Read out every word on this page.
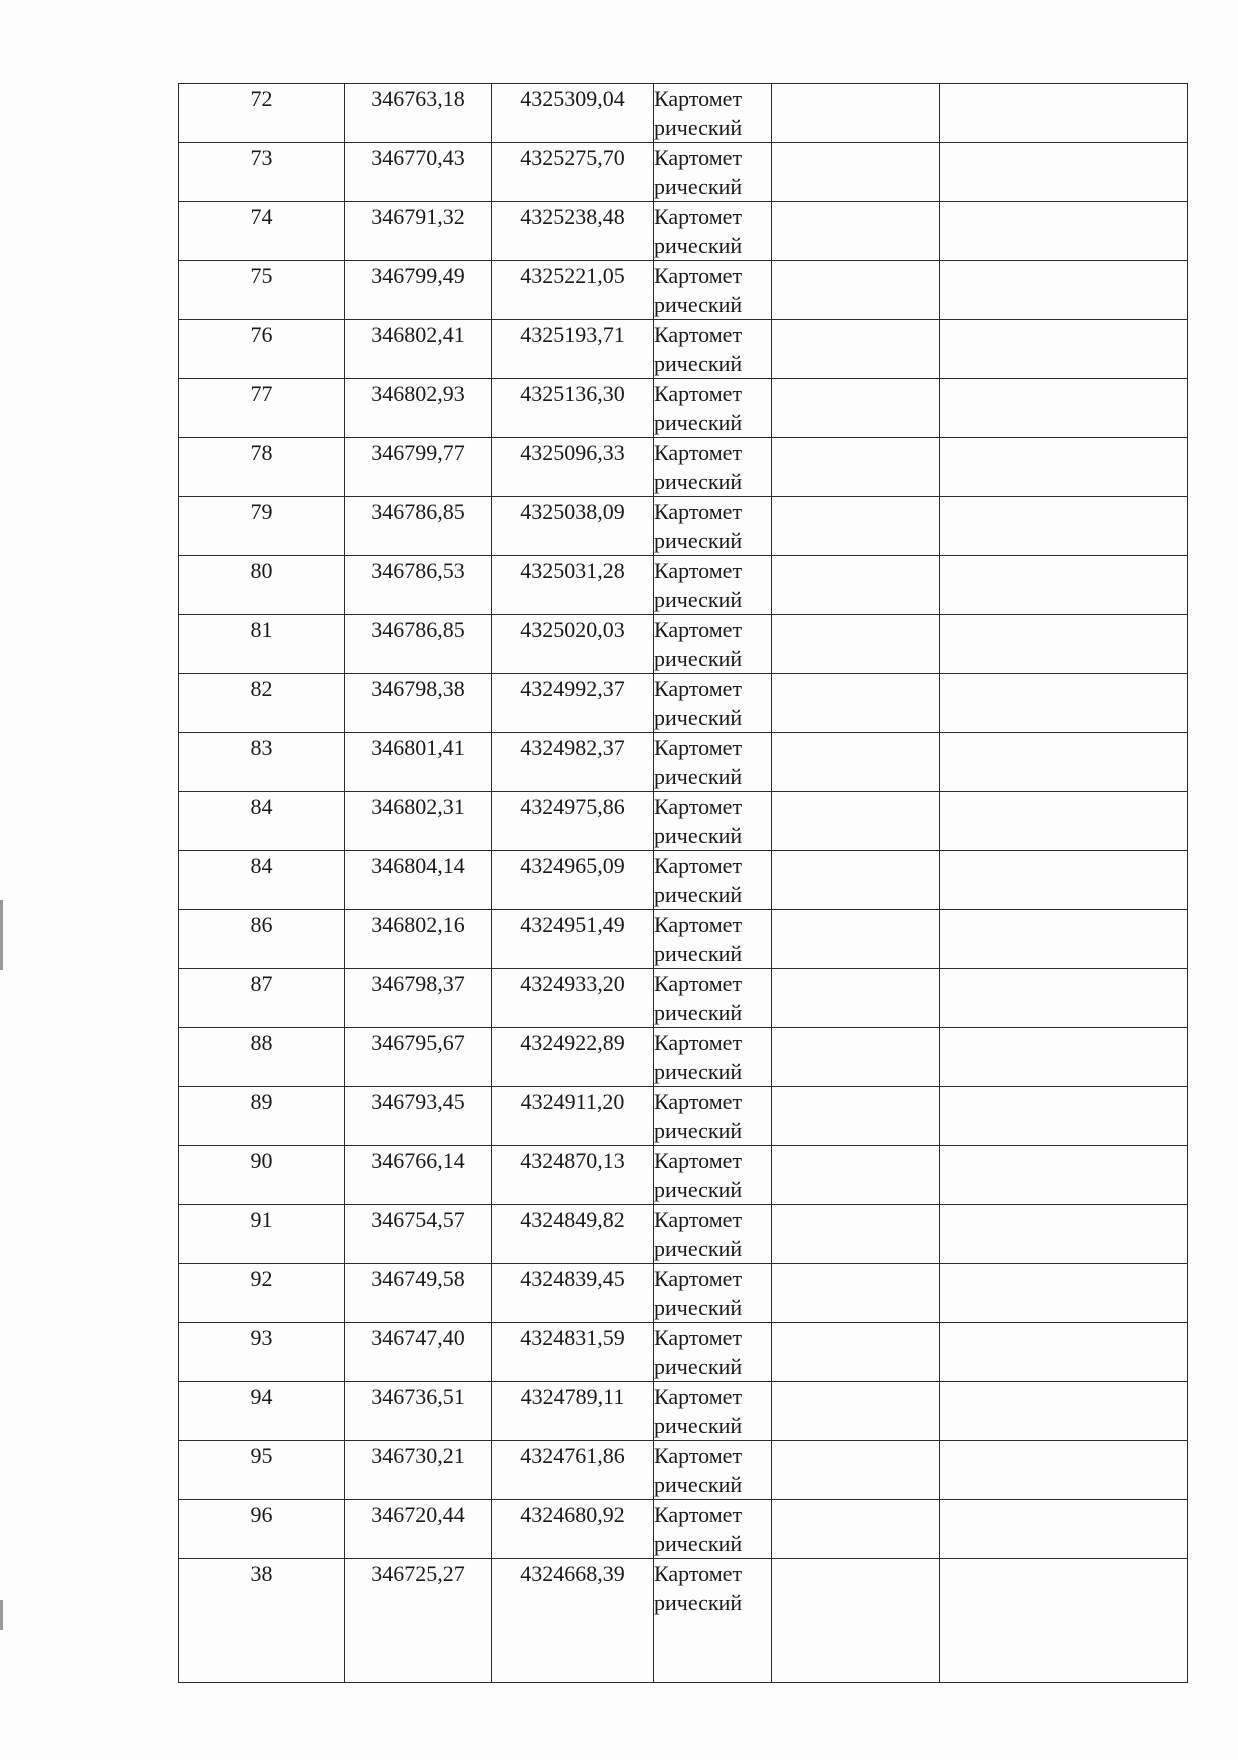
72	346763,18	4325309,04	Картомет
рический		

73	346770,43	4325275,70	Картомет
рический		

74	346791,32	4325238,48	Картомет
рический		

75	346799,49	4325221,05	Картомет
рический		

76	346802,41	4325193,71	Картомет
рический		

77	346802,93	4325136,30	Картомет
рический		

78	346799,77	4325096,33	Картомет
рический		

79	346786,85	4325038,09	Картомет
рический		

80	346786,53	4325031,28	Картомет
рический		

81	346786,85	4325020,03	Картомет
рический		

82	346798,38	4324992,37	Картомет
рический		

83	346801,41	4324982,37	Картомет
рический		

84	346802,31	4324975,86	Картомет
рический		

84	346804,14	4324965,09	Картомет
рический		

86	346802,16	4324951,49	Картомет
рический		

87	346798,37	4324933,20	Картомет
рический		

88	346795,67	4324922,89	Картомет
рический		

89	346793,45	4324911,20	Картомет
рический		

90	346766,14	4324870,13	Картомет
рический		

91	346754,57	4324849,82	Картомет
рический		

92	346749,58	4324839,45	Картомет
рический		

93	346747,40	4324831,59	Картомет
рический		

94	346736,51	4324789,11	Картомет
рический		

95	346730,21	4324761,86	Картомет
рический		

96	346720,44	4324680,92	Картомет
рический		

38	346725,27	4324668,39	Картомет
рический		
